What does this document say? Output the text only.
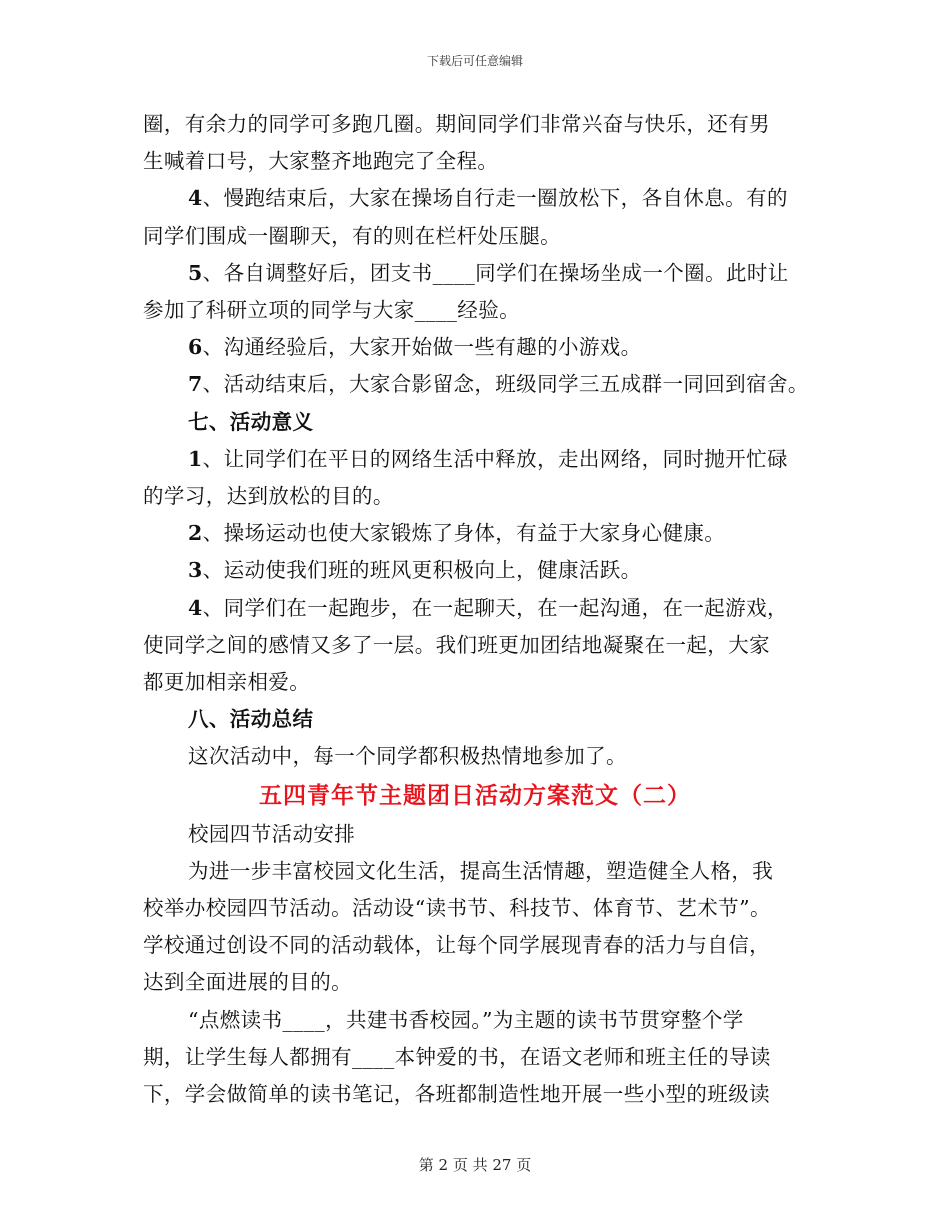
下载后可任意编辑
圈，有余力的同学可多跑几圈。期间同学们非常兴奋与快乐，还有男
生喊着口号，大家整齐地跑完了全程。
4、慢跑结束后，大家在操场自行走一圈放松下，各自休息。有的
同学们围成一圈聊天，有的则在栏杆处压腿。
5、各自调整好后，团支书____同学们在操场坐成一个圈。此时让
参加了科研立项的同学与大家____经验。
6、沟通经验后，大家开始做一些有趣的小游戏。
7、活动结束后，大家合影留念，班级同学三五成群一同回到宿舍。
七、活动意义
1、让同学们在平日的网络生活中释放，走出网络，同时抛开忙碌
的学习，达到放松的目的。
2、操场运动也使大家锻炼了身体，有益于大家身心健康。
3、运动使我们班的班风更积极向上，健康活跃。
4、同学们在一起跑步，在一起聊天，在一起沟通，在一起游戏，
使同学之间的感情又多了一层。我们班更加团结地凝聚在一起，大家
都更加相亲相爱。
八、活动总结
这次活动中，每一个同学都积极热情地参加了。
五四青年节主题团日活动方案范文（二）
校园四节活动安排
为进一步丰富校园文化生活，提高生活情趣，塑造健全人格，我
校举办校园四节活动。活动设“读书节、科技节、体育节、艺术节”。
学校通过创设不同的活动载体，让每个同学展现青春的活力与自信，
达到全面进展的目的。
“点燃读书____，共建书香校园。”为主题的读书节贯穿整个学
期，让学生每人都拥有____本钟爱的书，在语文老师和班主任的导读
下，学会做简单的读书笔记，各班都制造性地开展一些小型的班级读
第 2 页 共 27 页
